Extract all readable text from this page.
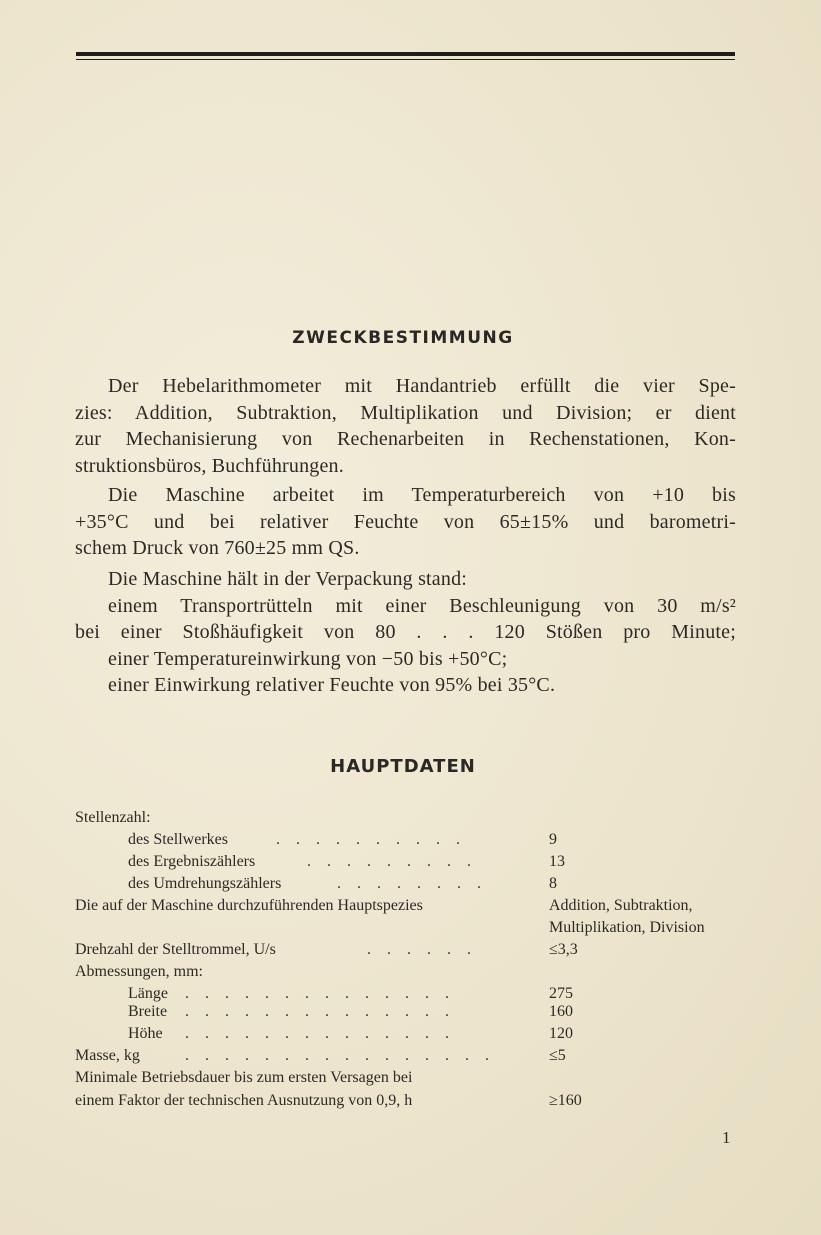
ZWECKBESTIMMUNG
Der Hebelarithmometer mit Handantrieb erfüllt die vier Spe-
zies: Addition, Subtraktion, Multiplikation und Division; er dient
zur Mechanisierung von Rechenarbeiten in Rechenstationen, Kon-
struktionsbüros, Buchführungen.
Die Maschine arbeitet im Temperaturbereich von +10 bis
+35°C und bei relativer Feuchte von 65±15% und barometri-
schem Druck von 760±25 mm QS.
Die Maschine hält in der Verpackung stand:
einem Transportrütteln mit einer Beschleunigung von 30 m/s²
bei einer Stoßhäufigkeit von 80 . . . 120 Stößen pro Minute;
einer Temperatureinwirkung von −50 bis +50°C;
einer Einwirkung relativer Feuchte von 95% bei 35°C.
HAUPTDATEN
Stellenzahl:
des Stellwerkes	. . . . . . . . . .	9
des Ergebniszählers	. . . . . . . . .	13
des Umdrehungszählers	. . . . . . . .	8
Die auf der Maschine durchzuführenden Hauptspezies	Addition, Subtraktion,
Multiplikation, Division
Drehzahl der Stelltrommel, U/s	. . . . . .	≤3,3
Abmessungen, mm:
Länge . . . . . . . . . . . . . .	275
Breite . . . . . . . . . . . . . .	160
Höhe . . . . . . . . . . . . . .	120
Masse, kg	. . . . . . . . . . . . . . . .	≤5
Minimale Betriebsdauer bis zum ersten Versagen bei
einem Faktor der technischen Ausnutzung von 0,9, h	≥160
1
